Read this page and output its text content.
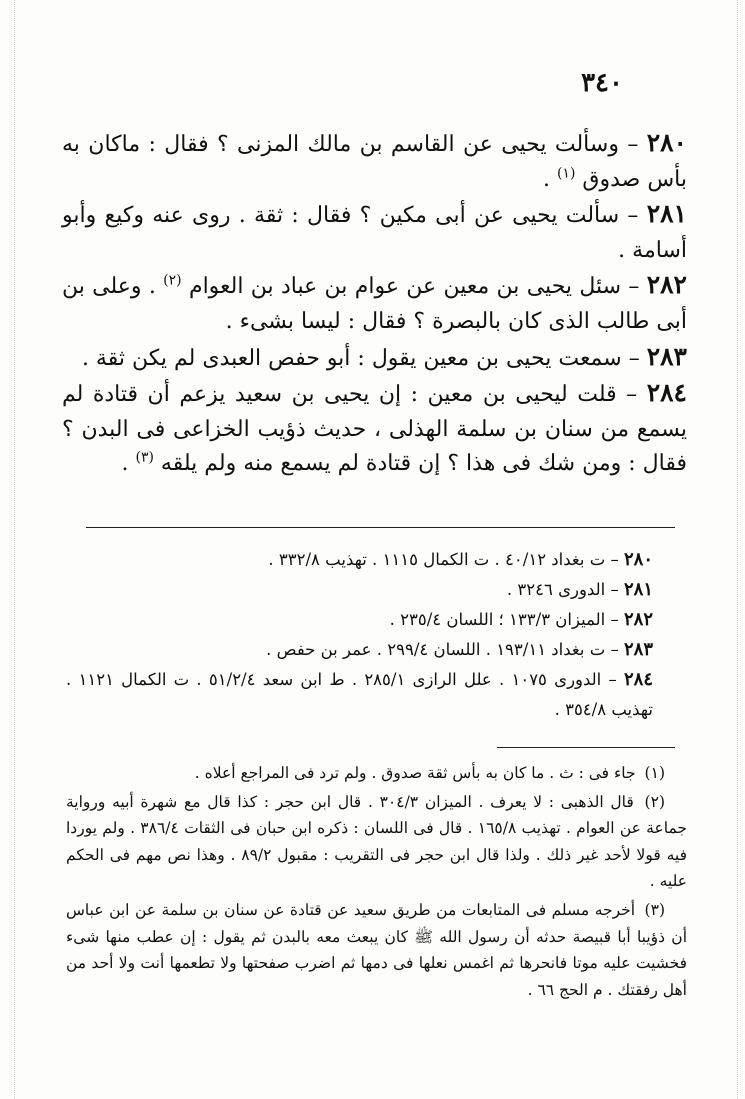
٣٤٠

٢٨٠ – وسألت يحيى عن القاسم بن مالك المزنى ؟ فقال : ماكان به بأس صدوق $^{(١)}$ .

٢٨١ – سألت يحيى عن أبى مكين ؟ فقال : ثقة . روى عنه وكيع وأبو أسامة .

٢٨٢ – سئل يحيى بن معين عن عوام بن عباد بن العوام $^{(٢)}$ . وعلى بن أبى طالب الذى كان بالبصرة ؟ فقال : ليسا بشىء .

٢٨٣ – سمعت يحيى بن معين يقول : أبو حفص العبدى لم يكن ثقة .

٢٨٤ – قلت ليحيى بن معين : إن يحيى بن سعيد يزعم أن قتادة لم يسمع من سنان بن سلمة الهذلى ، حديث ذؤيب الخزاعى فى البدن ؟ فقال : ومن شك فى هذا ؟ إن قتادة لم يسمع منه ولم يلقه $^{(٣)}$ .

٢٨٠ – ت بغداد ٤٠/١٢ . ت الكمال ١١١٥ . تهذيب ٣٣٢/٨ .

٢٨١ – الدورى ٣٢٤٦ .

٢٨٢ – الميزان ١٣٣/٣ ؛ اللسان ٢٣٥/٤ .

٢٨٣ – ت بغداد ١٩٣/١١ . اللسان ٢٩٩/٤ . عمر بن حفص .

٢٨٤ – الدورى ١٠٧٥ . علل الرازى ٢٨٥/١ . ط ابن سعد ٥١/٢/٤ . ت الكمال ١١٢١ . تهذيب ٣٥٤/٨ .

(١) جاء فى : ث . ما كان به بأس ثقة صدوق . ولم ترد فى المراجع أعلاه .

(٢) قال الذهبى : لا يعرف . الميزان ٣٠٤/٣ . قال ابن حجر : كذا قال مع شهرة أبيه ورواية جماعة عن العوام . تهذيب ١٦٥/٨ . قال فى اللسان : ذكره ابن حبان فى الثقات ٣٨٦/٤ . ولم يوردا فيه قولا لأحد غير ذلك . ولذا قال ابن حجر فى التقريب : مقبول ٨٩/٢ . وهذا نص مهم فى الحكم عليه .

(٣) أخرجه مسلم فى المتابعات من طريق سعيد عن قتادة عن سنان بن سلمة عن ابن عباس أن ذؤيبا أبا قبيصة حدثه أن رسول الله ﷺ كان يبعث معه بالبدن ثم يقول : إن عطب منها شىء فخشيت عليه موتا فانحرها ثم اغمس نعلها فى دمها ثم اضرب صفحتها ولا تطعمها أنت ولا أحد من أهل رفقتك . م الحج ٦٦ .
